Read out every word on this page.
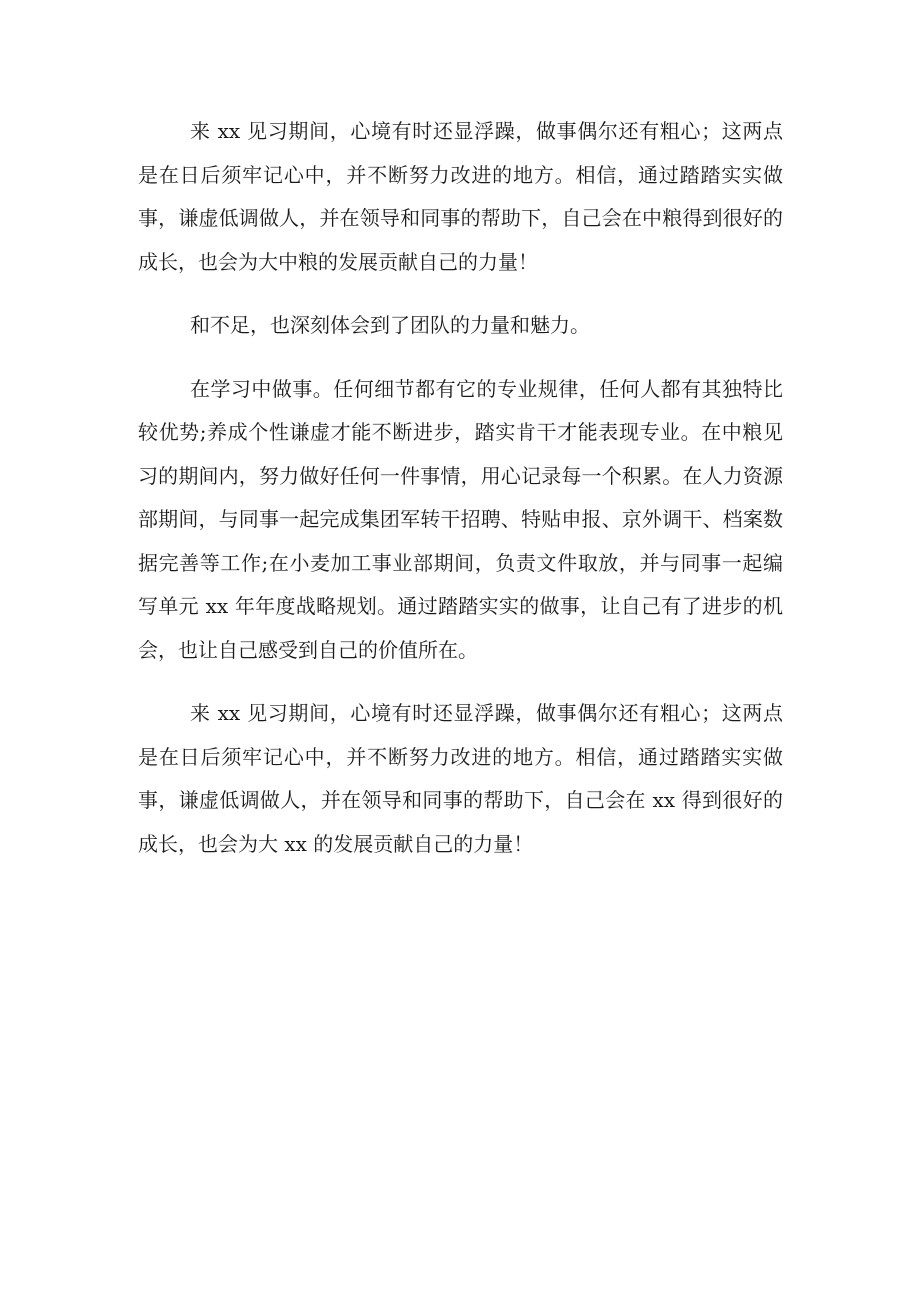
来 xx 见习期间，心境有时还显浮躁，做事偶尔还有粗心；这两点是在日后须牢记心中，并不断努力改进的地方。相信，通过踏踏实实做事，谦虚低调做人，并在领导和同事的帮助下，自己会在中粮得到很好的成长，也会为大中粮的发展贡献自己的力量！

和不足，也深刻体会到了团队的力量和魅力。

在学习中做事。任何细节都有它的专业规律，任何人都有其独特比较优势;养成个性谦虚才能不断进步，踏实肯干才能表现专业。在中粮见习的期间内，努力做好任何一件事情，用心记录每一个积累。在人力资源部期间，与同事一起完成集团军转干招聘、特贴申报、京外调干、档案数据完善等工作;在小麦加工事业部期间，负责文件取放，并与同事一起编写单元 xx 年年度战略规划。通过踏踏实实的做事，让自己有了进步的机会，也让自己感受到自己的价值所在。

来 xx 见习期间，心境有时还显浮躁，做事偶尔还有粗心；这两点是在日后须牢记心中，并不断努力改进的地方。相信，通过踏踏实实做事，谦虚低调做人，并在领导和同事的帮助下，自己会在 xx 得到很好的成长，也会为大 xx 的发展贡献自己的力量！
